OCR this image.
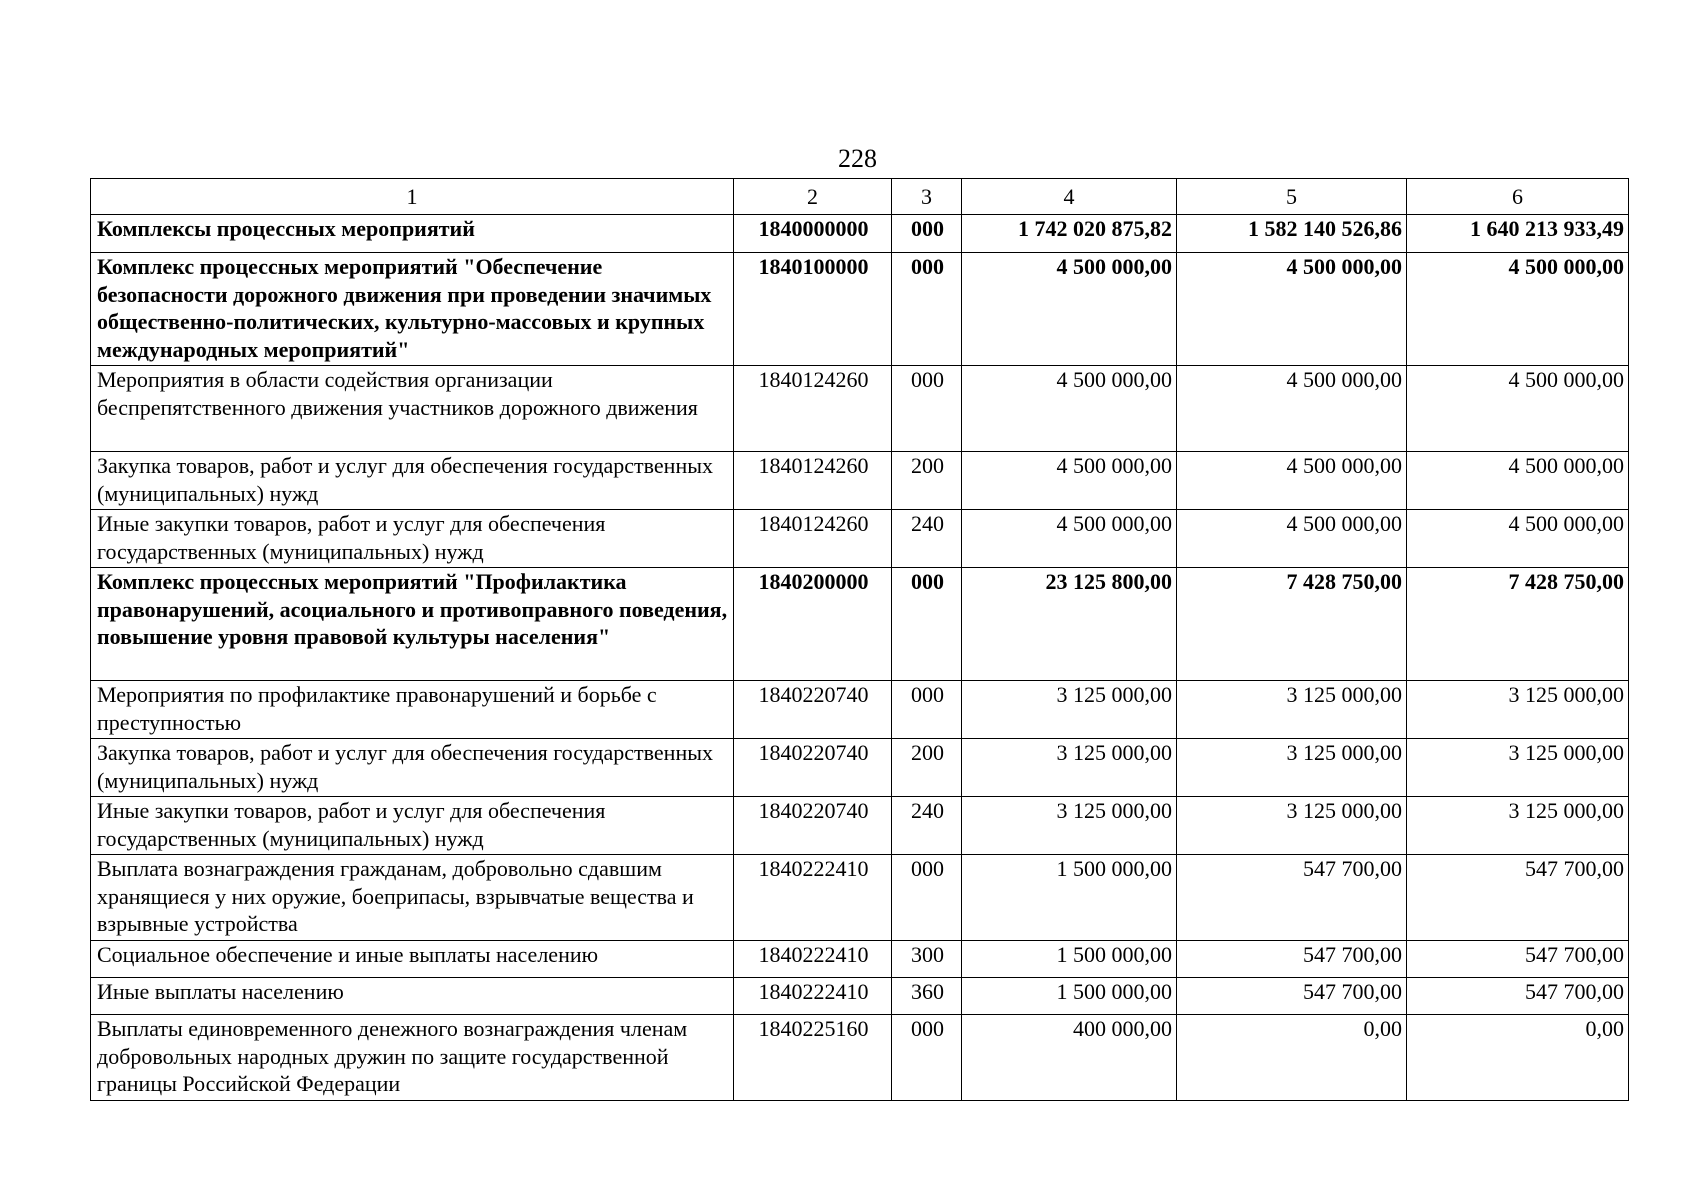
228
1	2	3	4	5	6
Комплексы процессных мероприятий	1840000000	000	1 742 020 875,82	1 582 140 526,86	1 640 213 933,49
Комплекс процессных мероприятий "Обеспечение безопасности дорожного движения при проведении значимых общественно-политических, культурно-массовых и крупных международных мероприятий"	1840100000	000	4 500 000,00	4 500 000,00	4 500 000,00
Мероприятия в области содействия организации беспрепятственного движения участников дорожного движения	1840124260	000	4 500 000,00	4 500 000,00	4 500 000,00
Закупка товаров, работ и услуг для обеспечения государственных (муниципальных) нужд	1840124260	200	4 500 000,00	4 500 000,00	4 500 000,00
Иные закупки товаров, работ и услуг для обеспечения государственных (муниципальных) нужд	1840124260	240	4 500 000,00	4 500 000,00	4 500 000,00
Комплекс процессных мероприятий "Профилактика правонарушений, асоциального и противоправного поведения, повышение уровня правовой культуры населения"	1840200000	000	23 125 800,00	7 428 750,00	7 428 750,00
Мероприятия по профилактике правонарушений и борьбе с преступностью	1840220740	000	3 125 000,00	3 125 000,00	3 125 000,00
Закупка товаров, работ и услуг для обеспечения государственных (муниципальных) нужд	1840220740	200	3 125 000,00	3 125 000,00	3 125 000,00
Иные закупки товаров, работ и услуг для обеспечения государственных (муниципальных) нужд	1840220740	240	3 125 000,00	3 125 000,00	3 125 000,00
Выплата вознаграждения гражданам, добровольно сдавшим хранящиеся у них оружие, боеприпасы, взрывчатые вещества и взрывные устройства	1840222410	000	1 500 000,00	547 700,00	547 700,00
Социальное обеспечение и иные выплаты населению	1840222410	300	1 500 000,00	547 700,00	547 700,00
Иные выплаты населению	1840222410	360	1 500 000,00	547 700,00	547 700,00
Выплаты единовременного денежного вознаграждения членам добровольных народных дружин по защите государственной границы Российской Федерации	1840225160	000	400 000,00	0,00	0,00
